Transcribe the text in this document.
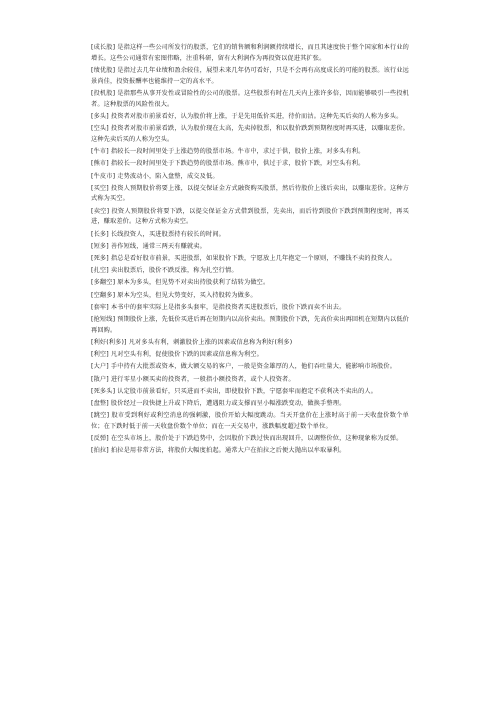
[成长股] 是指这样一些公司所发行的股票，它们的销售额和利润额持续增长，而且其速度快于整个国家和本行业的增长。这些公司通常有宏图伟略，注重科研，留有大利润作为再投资以促进其扩张。

[绩优股] 是指过去几年业绩和盈余较佳，展望未来几年仍可看好，只是不会再有高度成长的可能的股票。该行业远景尚佳，投资报酬率也能维持一定的高水平。

[投机股] 是指那些从事开发性或冒险性的公司的股票。这些股票有时在几天内上涨许多倍，因而能够吸引一些投机者。这种股票的风险性很大。

[多头] 投资者对股市前景看好，认为股价将上涨，于是先用低价买进，待价而沽。这种先买后卖的人称为多头。

[空头] 投资者对股市前景看跌，认为股价现在太高，先卖掉股票，和以股价跌到预期程度时再买进，以赚取差价。这种先卖后买的人称为空头。

[牛市] 指较长一段时间里处于上涨趋势的股票市场。牛市中，求过于供，股价上涨，对多头有利。

[熊市] 指较长一段时间里处于下跌趋势的股票市场。熊市中，供过于求，股价下跌，对空头有利。

[牛皮市] 走势波动小，陷入盘整，成交及低。

[买空] 投资人预期股价将要上涨，以提交保证金方式融资购买股票，然后待股价上涨后卖出，以赚取差价。这种方式称为买空。

[卖空] 投资人预期股价将要下跌，以提交保证金方式借到股票，先卖出，而后待到股价下跌到预期程度时，再买进，赚取差价。这种方式称为卖空。

[长多] 长线投资人，买进股票持有较长的时间。

[短多] 善作短线，通常三两天有赚就卖。

[死多] 指总是看好股市前景，买进股票，如果股价下跌，宁愿放上几年抱定一个原则，不赚钱不卖的投资人。

[扎空] 卖出股票后，股价不跌反涨，称为扎空行情。

[多翻空] 原本为多头，但见势不对卖出持股获利了结转为做空。

[空翻多] 原本为空头，但见大势变好，买入持股转为做多。

[套牢] 本书中的套牢实际上是指多头套牢，是指投资者买进股票后，股价下跌而卖不出去。

[抢短线] 预期股价上涨，先低价买进后再在短期内以高价卖出。预期股价下跌，先高价卖出再回机在短期内以低价再回购。

[利好(利多)] 凡对多头有利，刺激股价上涨的因素或信息称为利好(利多)

[利空] 凡对空头有利，促使股价下跌的因素或信息称为利空。

[大户] 手中持有大批票或资本，做大额交易的客户，一般是资金雄厚的人，他们吞吐量大，能影响市场股价。

[散户] 进行零星小额买卖的投资者，一般指小额投资者，或个人投资者。

[死多头] 认定股市前景看好，只买进而不卖出，即使股价下跌，宁愿套牢而抱定不获利决不卖出的人。

[盘整] 股价经过一段快捷上升或下降后，遭遇阻力或支撑而呈小幅涨跌变动，做换手整理。

[跳空] 股市受到利好或利空消息的强刺激，股价开始大幅度跳动。当天开盘价在上涨时高于前一天收盘价数个单位；在下跌时低于前一天收盘价数个单位；而在一天交易中，涨跌幅度超过数个单位。

[反弹] 在空头市场上，股价处于下跌趋势中，会因股价下跌过快而出现回升，以调整价位，这种现象称为反弹。

[拍拉] 拍拉是用非常方法，将股价大幅度拍起。通常大户在拍拉之后便大抛出以牟取暴利。
